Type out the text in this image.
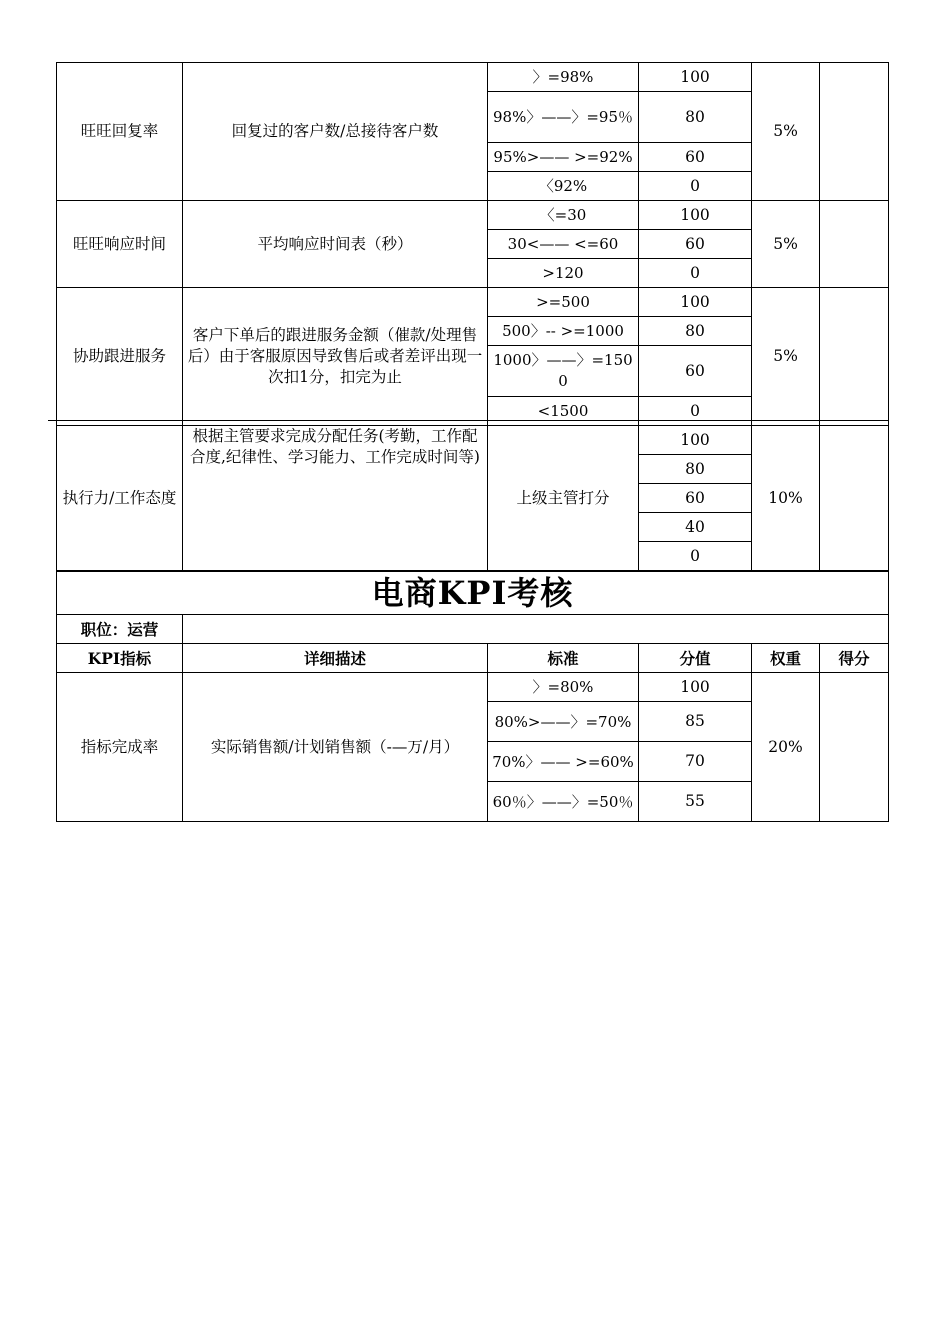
旺旺回复率	回复过的客户数/总接待客户数	〉=98%	100	5%	
		98%〉——〉=95％	80		
		95%>—— >=92%	60		
		〈92%	0		
旺旺响应时间	平均响应时间表（秒）	〈=30	100	5%	
		30<—— <=60	60		
		>120	0		
协助跟进服务	客户下单后的跟进服务金额（催款/处理售后）由于客服原因导致售后或者差评出现一次扣1分，扣完为止	>=500	100	5%	
		500〉-- >=1000	80		
		1000〉——〉=1500	60		
		<1500	0		
执行力/工作态度	根据主管要求完成分配任务(考勤，工作配合度,纪律性、学习能力、工作完成时间等)	上级主管打分	100	10%	
			80		
			60		
			40		
			0		
电商KPI考核					
职位：运营					
KPI指标	详细描述	标准	分值	权重	得分
指标完成率	实际销售额/计划销售额（-—万/月）	〉=80%	100	20%	
		80%>——〉=70%	85		
		70%〉—— >=60%	70		
		60％〉——〉=50％	55		
